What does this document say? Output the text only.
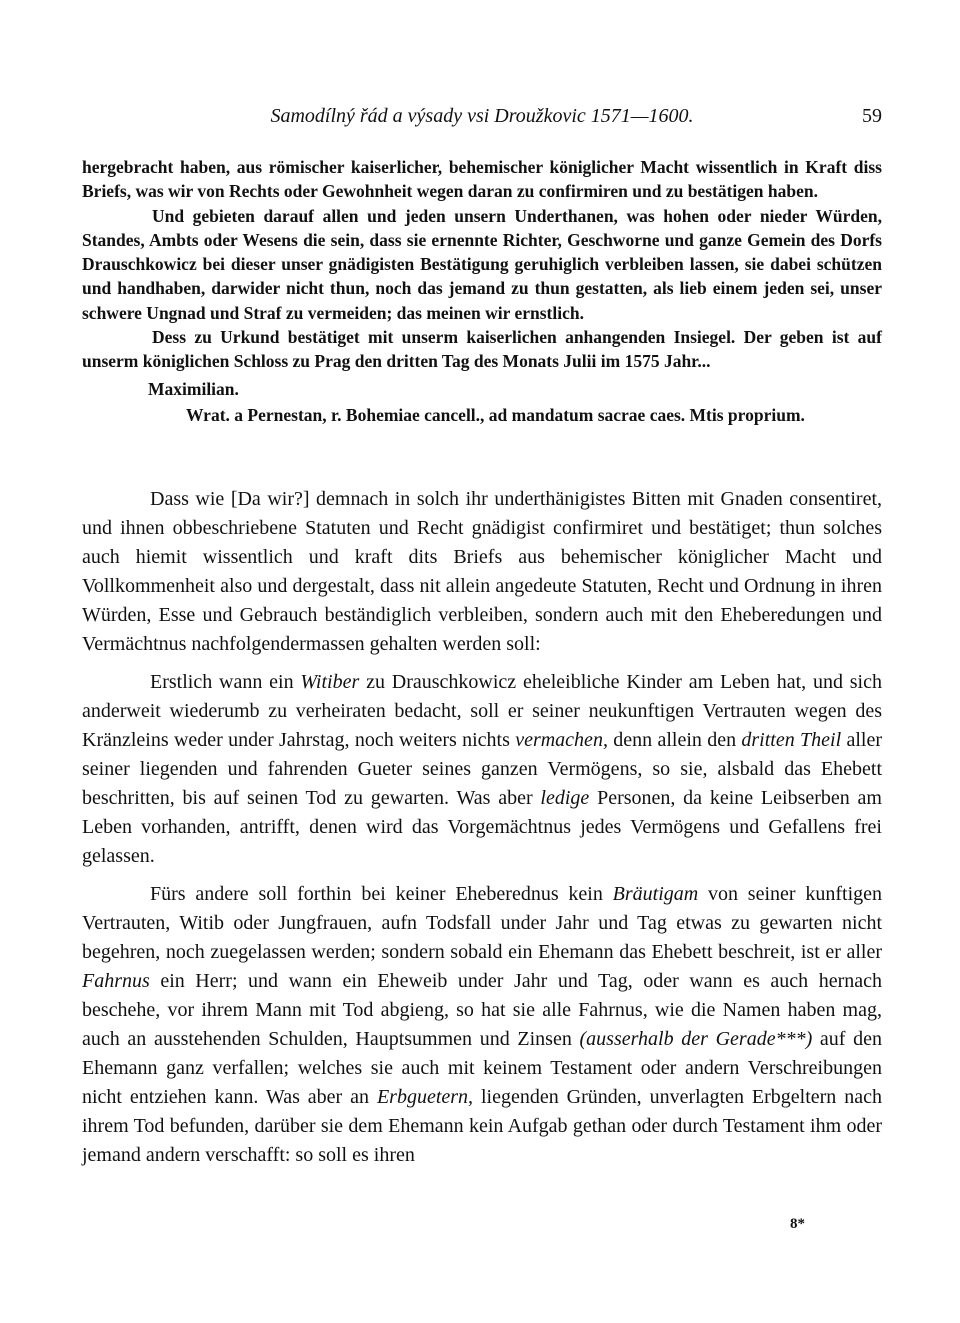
Samodílný řád a výsady vsi Droužkovic 1571—1600.	59

hergebracht haben, aus römischer kaiserlicher, behemischer königlicher Macht wissentlich in Kraft diss Briefs, was wir von Rechts oder Gewohnheit wegen daran zu confirmiren und zu bestätigen haben.

Und gebieten darauf allen und jeden unsern Underthanen, was hohen oder nieder Würden, Standes, Ambts oder Wesens die sein, dass sie ernennte Richter, Geschworne und ganze Gemein des Dorfs Drauschkowicz bei dieser unser gnädigisten Bestätigung geruhiglich verbleiben lassen, sie dabei schützen und handhaben, darwider nicht thun, noch das jemand zu thun gestatten, als lieb einem jeden sei, unser schwere Ungnad und Straf zu vermeiden; das meinen wir ernstlich.

Dess zu Urkund bestätiget mit unserm kaiserlichen anhangenden Insiegel. Der geben ist auf unserm königlichen Schloss zu Prag den dritten Tag des Monats Julii im 1575 Jahr...

Maximilian.

Wrat. a Pernestan, r. Bohemiae cancell., ad mandatum sacrae caes. Mtis proprium.

Dass wie [Da wir?] demnach in solch ihr underthänigistes Bitten mit Gnaden consentiret, und ihnen obbeschriebene Statuten und Recht gnädigist confirmiret und bestätiget; thun solches auch hiemit wissentlich und kraft dits Briefs aus behemischer königlicher Macht und Vollkommenheit also und dergestalt, dass nit allein angedeute Statuten, Recht und Ordnung in ihren Würden, Esse und Gebrauch beständiglich verbleiben, sondern auch mit den Eheberedungen und Vermächtnus nachfolgendermassen gehalten werden soll:

Erstlich wann ein Witiber zu Drauschkowicz eheleibliche Kinder am Leben hat, und sich anderweit wiederumb zu verheiraten bedacht, soll er seiner neukunftigen Vertrauten wegen des Kränzleins weder under Jahrstag, noch weiters nichts vermachen, denn allein den dritten Theil aller seiner liegenden und fahrenden Gueter seines ganzen Vermögens, so sie, alsbald das Ehebett beschritten, bis auf seinen Tod zu gewarten. Was aber ledige Personen, da keine Leibserben am Leben vorhanden, antrifft, denen wird das Vorgemächtnus jedes Vermögens und Gefallens frei gelassen.

Fürs andere soll forthin bei keiner Eheberednus kein Bräutigam von seiner kunftigen Vertrauten, Witib oder Jungfrauen, aufn Todsfall under Jahr und Tag etwas zu gewarten nicht begehren, noch zuegelassen werden; sondern sobald ein Ehemann das Ehebett beschreit, ist er aller Fahrnus ein Herr; und wann ein Eheweib under Jahr und Tag, oder wann es auch hernach beschehe, vor ihrem Mann mit Tod abgieng, so hat sie alle Fahrnus, wie die Namen haben mag, auch an ausstehenden Schulden, Hauptsummen und Zinsen (ausserhalb der Gerade***) auf den Ehemann ganz verfallen; welches sie auch mit keinem Testament oder andern Verschreibungen nicht entziehen kann. Was aber an Erbguetern, liegenden Gründen, unverlagten Erbgeltern nach ihrem Tod befunden, darüber sie dem Ehemann kein Aufgab gethan oder durch Testament ihm oder jemand andern verschafft: so soll es ihren

8*
